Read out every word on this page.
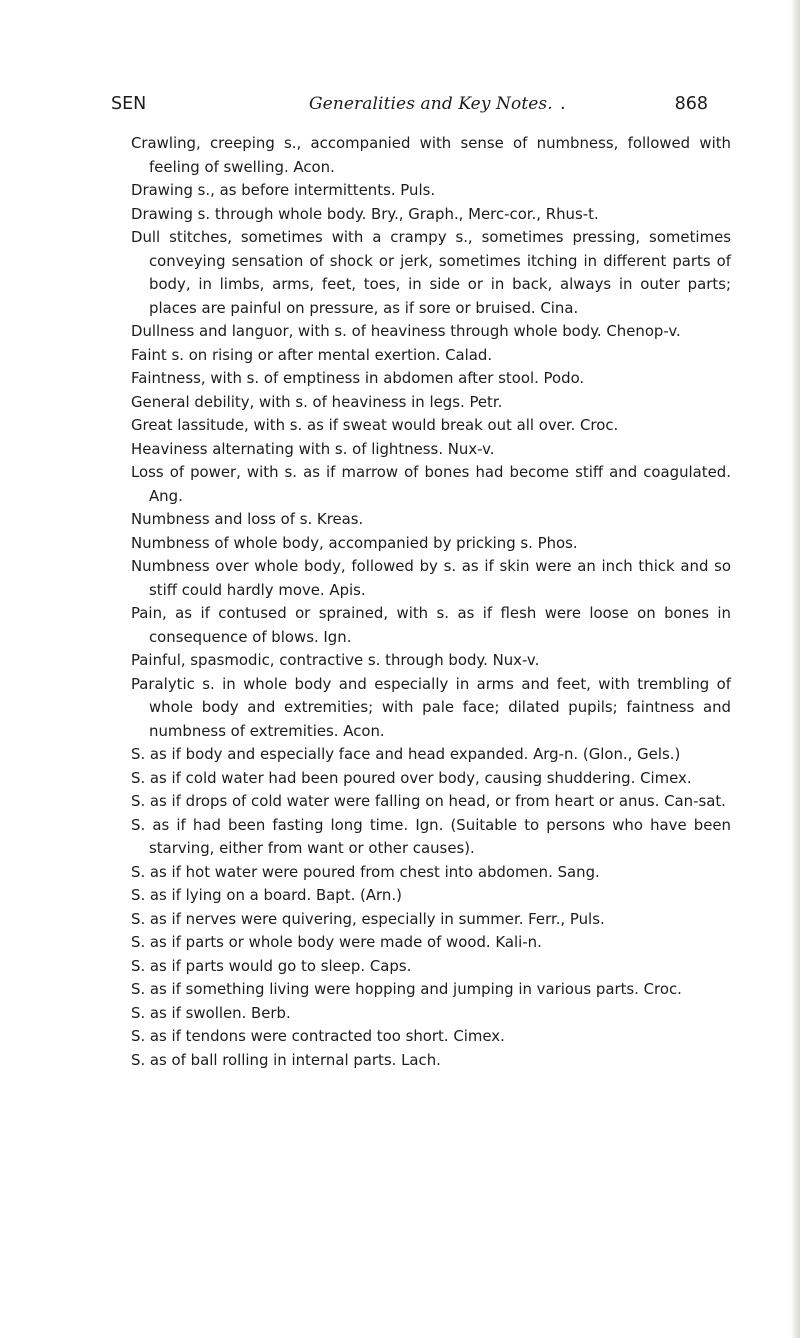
SEN	Generalities and Key Notes. .	868

Crawling, creeping s., accompanied with sense of numbness, followed with feeling of swelling. Acon.

Drawing s., as before intermittents. Puls.

Drawing s. through whole body. Bry., Graph., Merc-cor., Rhus-t.

Dull stitches, sometimes with a crampy s., sometimes pressing, sometimes conveying sensation of shock or jerk, sometimes itching in different parts of body, in limbs, arms, feet, toes, in side or in back, always in outer parts; places are painful on pressure, as if sore or bruised. Cina.

Dullness and languor, with s. of heaviness through whole body. Chenop-v.

Faint s. on rising or after mental exertion. Calad.

Faintness, with s. of emptiness in abdomen after stool. Podo.

General debility, with s. of heaviness in legs. Petr.

Great lassitude, with s. as if sweat would break out all over. Croc.

Heaviness alternating with s. of lightness. Nux-v.

Loss of power, with s. as if marrow of bones had become stiff and coagulated. Ang.

Numbness and loss of s. Kreas.

Numbness of whole body, accompanied by pricking s. Phos.

Numbness over whole body, followed by s. as if skin were an inch thick and so stiff could hardly move. Apis.

Pain, as if contused or sprained, with s. as if flesh were loose on bones in consequence of blows. Ign.

Painful, spasmodic, contractive s. through body. Nux-v.

Paralytic s. in whole body and especially in arms and feet, with trembling of whole body and extremities; with pale face; dilated pupils; faintness and numbness of extremities. Acon.

S. as if body and especially face and head expanded. Arg-n. (Glon., Gels.)

S. as if cold water had been poured over body, causing shuddering. Cimex.

S. as if drops of cold water were falling on head, or from heart or anus. Can-sat.

S. as if had been fasting long time. Ign. (Suitable to persons who have been starving, either from want or other causes).

S. as if hot water were poured from chest into abdomen. Sang.

S. as if lying on a board. Bapt. (Arn.)

S. as if nerves were quivering, especially in summer. Ferr., Puls.

S. as if parts or whole body were made of wood. Kali-n.

S. as if parts would go to sleep. Caps.

S. as if something living were hopping and jumping in various parts. Croc.

S. as if swollen. Berb.

S. as if tendons were contracted too short. Cimex.

S. as of ball rolling in internal parts. Lach.
